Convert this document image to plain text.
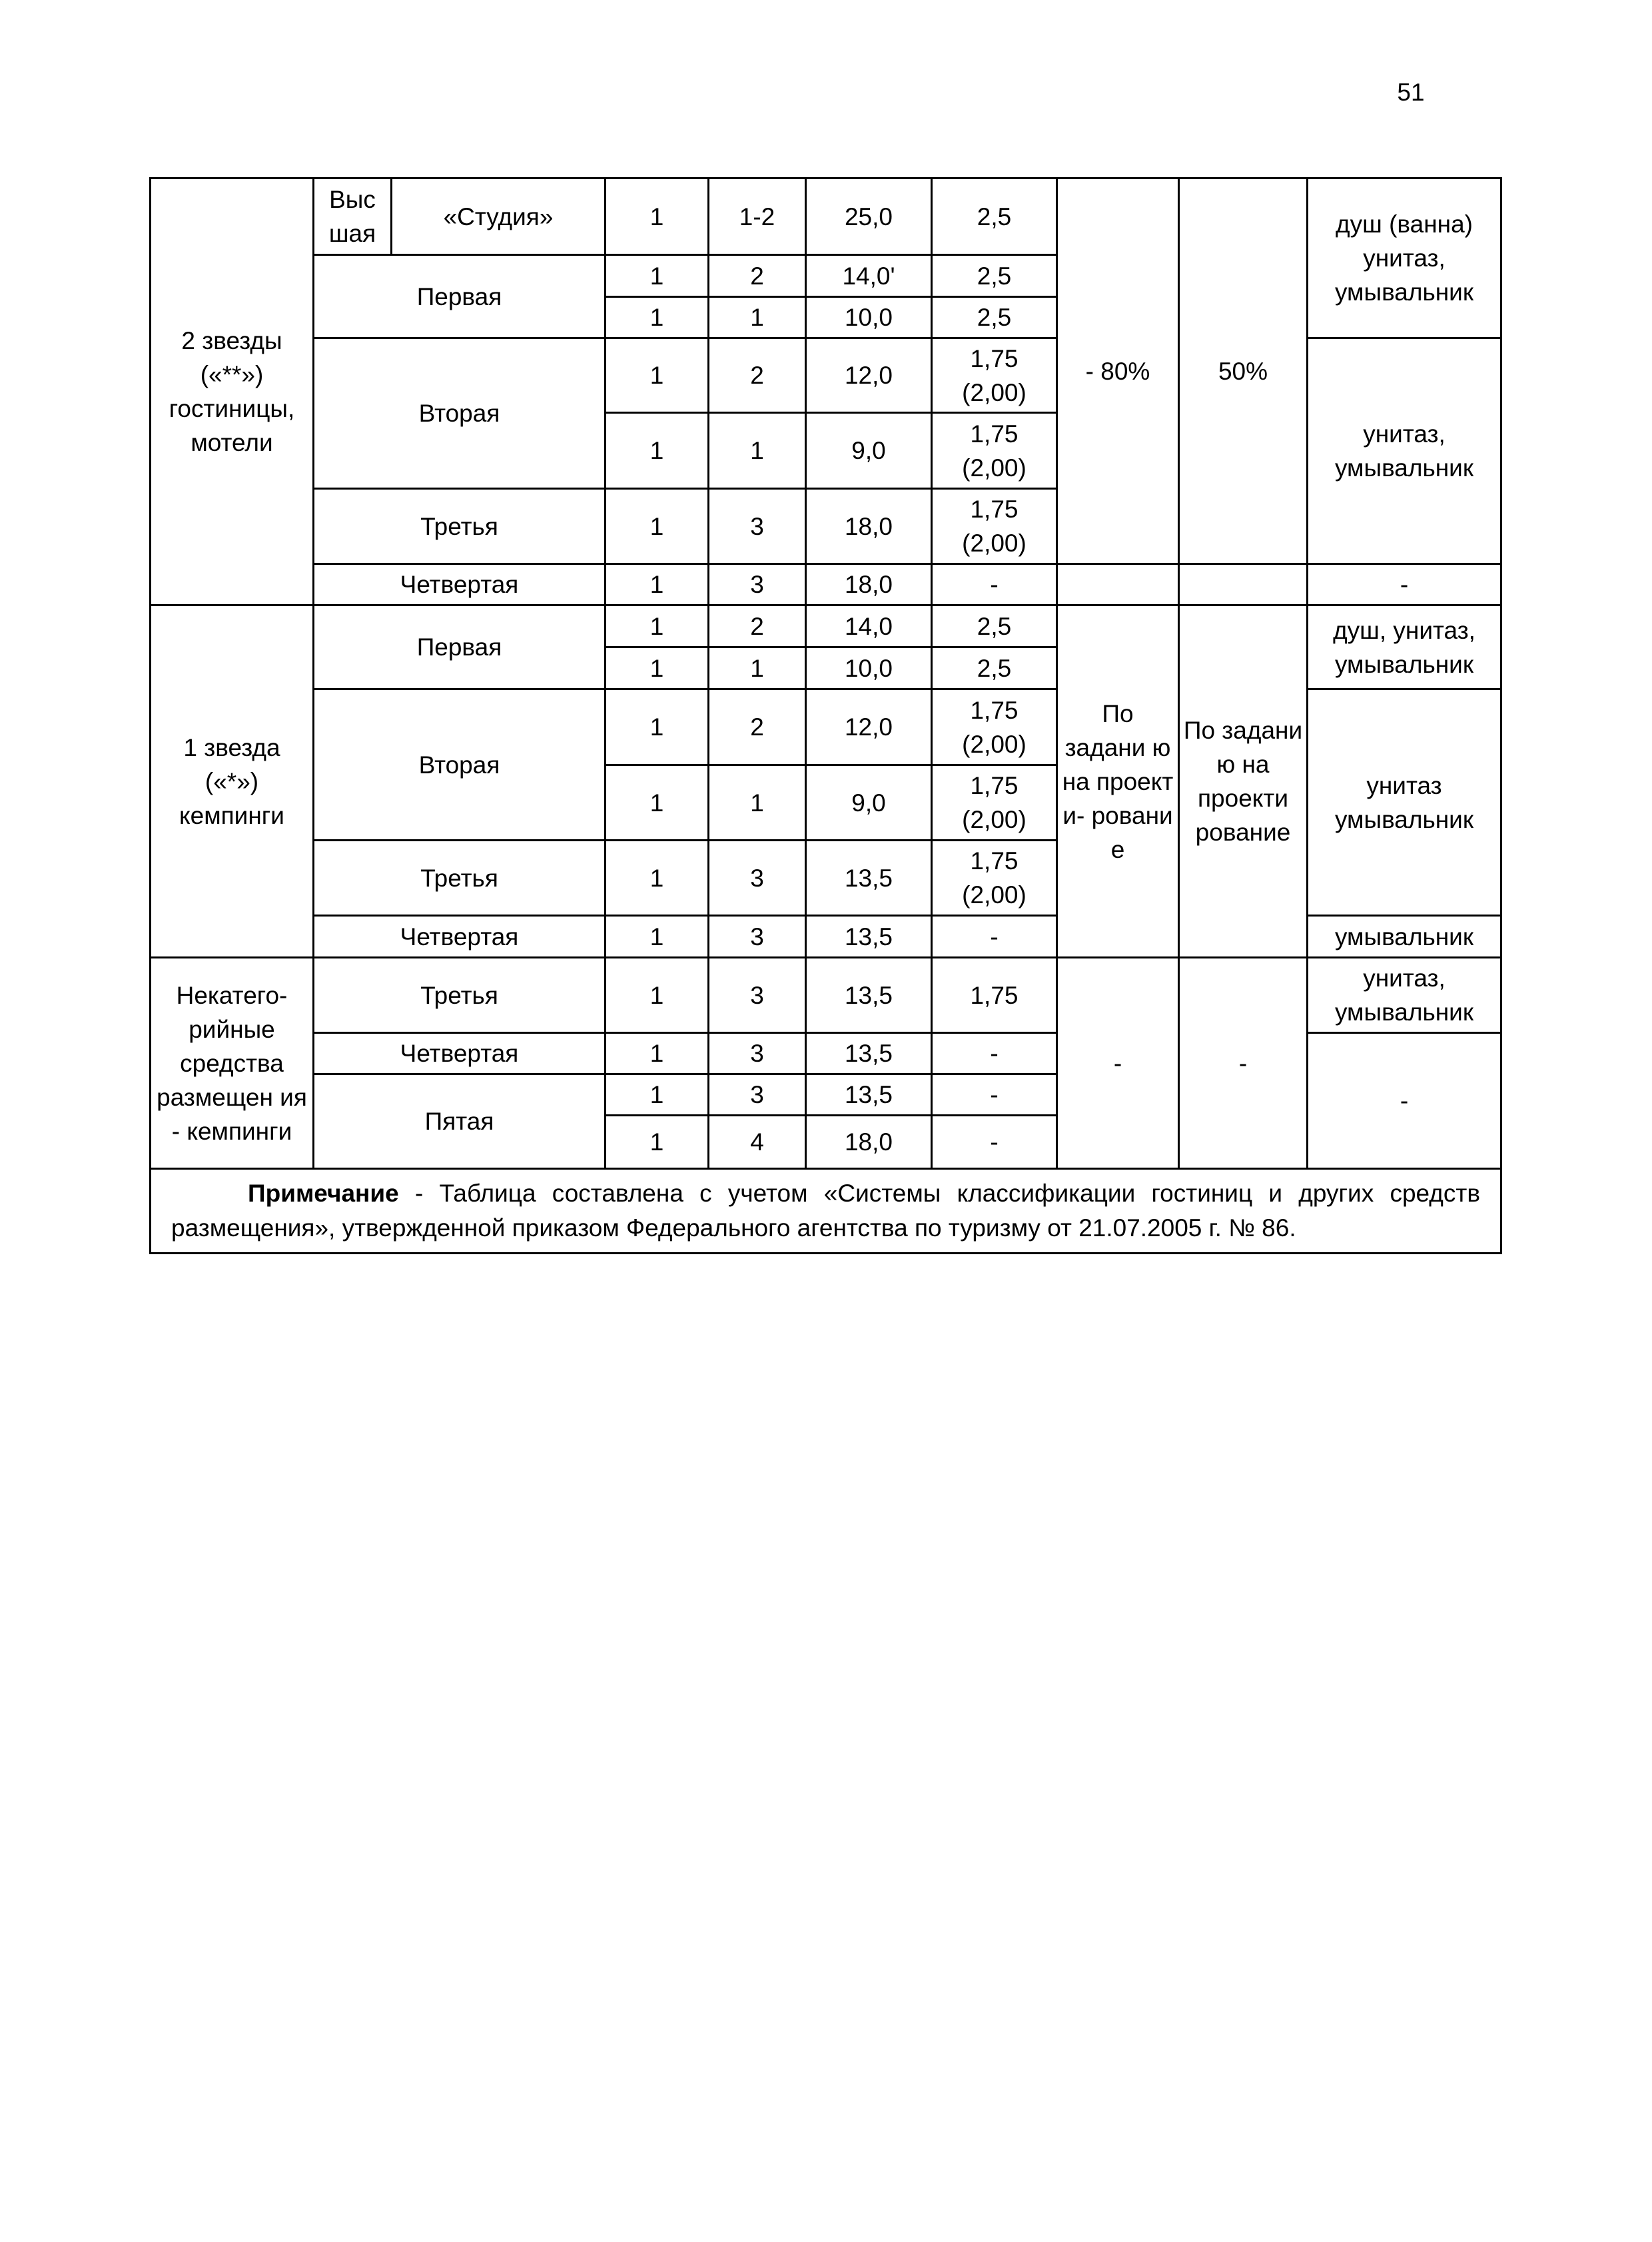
51
2 звезды («**») гостиницы, мотели	Выс шая	«Студия»	1	1-2	25,0	2,5	- 80%	50%	душ (ванна) унитаз, умывальник
	Первая		1	2	14,0'	2,5			
			1	1	10,0	2,5			
	Вторая		1	2	12,0	1,75 (2,00)			унитаз, умывальник
			1	1	9,0	1,75 (2,00)			
	Третья		1	3	18,0	1,75 (2,00)			
	Четвертая		1	3	18,0	-			-
1 звезда («*») кемпинги	Первая		1	2	14,0	2,5	По задани ю на проект и- ровани е	По задани ю на проекти рование	душ, унитаз, умывальник
			1	1	10,0	2,5			
	Вторая		1	2	12,0	1,75 (2,00)			унитаз умывальник
			1	1	9,0	1,75 (2,00)			
	Третья		1	3	13,5	1,75 (2,00)			
	Четвертая		1	3	13,5	-			умывальник
Некатего- рийные средства размещен ия - кемпинги	Третья		1	3	13,5	1,75	-	-	унитаз, умывальник
	Четвертая		1	3	13,5	-			-
	Пятая		1	3	13,5	-			
			1	4	18,0	-			
Примечание - Таблица составлена с учетом «Системы классификации гостиниц и других средств размещения», утвержденной приказом Федерального агентства по туризму от 21.07.2005 г. № 86.									
